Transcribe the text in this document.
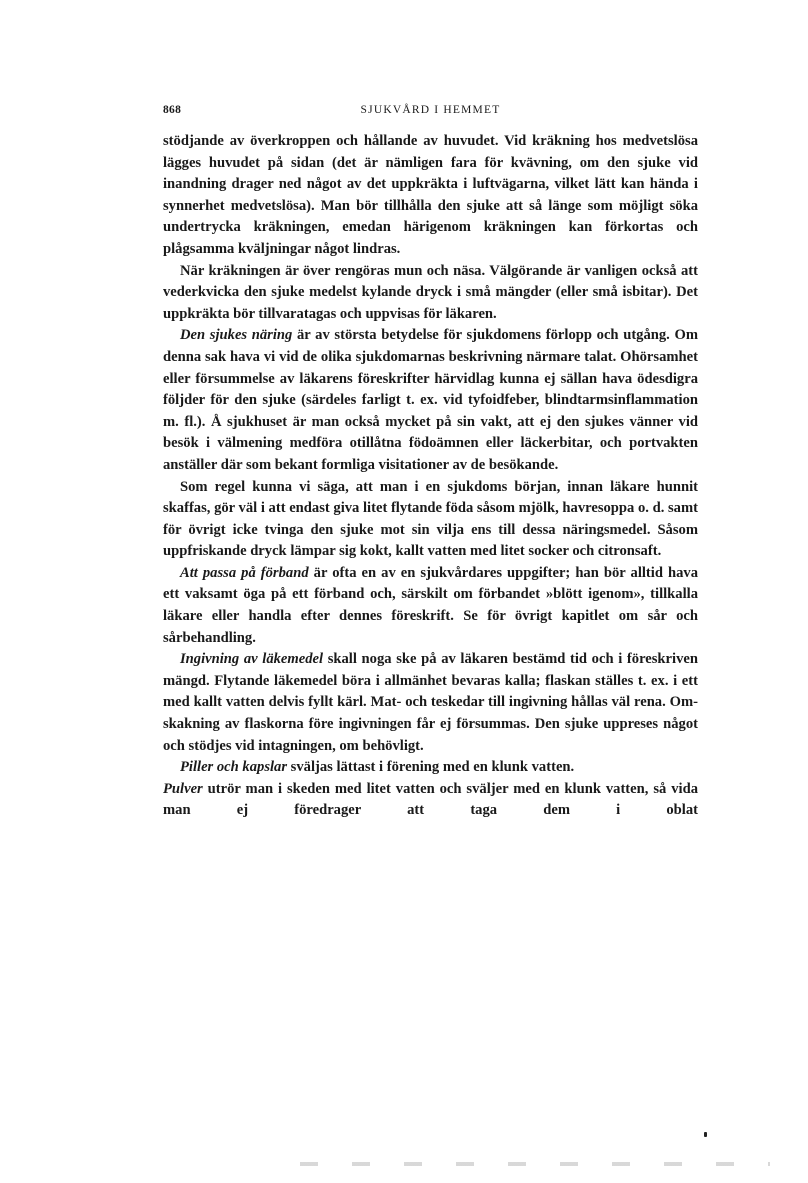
868	SJUKVÅRD I HEMMET

stödjande av överkroppen och hållande av huvudet. Vid kräkning hos medvetslösa lägges huvudet på sidan (det är nämligen fara för kvävning, om den sjuke vid inandning drager ned något av det uppkräkta i luftvägarna, vilket lätt kan hända i synnerhet medvetslösa). Man bör tillhålla den sjuke att så länge som möjligt söka undertrycka kräkningen, emedan härigenom kräkningen kan förkortas och plågsamma kväljningar något lindras.

När kräkningen är över rengöras mun och näsa. Välgörande är vanligen också att vederkvicka den sjuke medelst kylande dryck i små mängder (eller små isbitar). Det uppkräkta bör tillvaratagas och uppvisas för läkaren.

Den sjukes näring är av största betydelse för sjukdomens förlopp och utgång. Om denna sak hava vi vid de olika sjukdomarnas beskrivning närmare talat. Ohörsamhet eller försummelse av läkarens föreskrifter härvidlag kunna ej sällan hava ödesdigra följder för den sjuke (särdeles farligt t. ex. vid tyfoidfeber, blindtarmsinflammation m. fl.). Å sjukhuset är man också mycket på sin vakt, att ej den sjukes vänner vid besök i välmening medföra otillåtna födoämnen eller läckerbitar, och portvakten anställer där som bekant formliga visitationer av de besökande.

Som regel kunna vi säga, att man i en sjukdoms början, innan läkare hunnit skaffas, gör väl i att endast giva litet flytande föda såsom mjölk, havresoppa o. d. samt för övrigt icke tvinga den sjuke mot sin vilja ens till dessa näringsmedel. Såsom uppfriskande dryck lämpar sig kokt, kallt vatten med litet socker och citronsaft.

Att passa på förband är ofta en av en sjukvårdares uppgifter; han bör alltid hava ett vaksamt öga på ett förband och, särskilt om förbandet »blött igenom», tillkalla läkare eller handla efter dennes föreskrift. Se för övrigt kapitlet om sår och sårbehandling.

Ingivning av läkemedel skall noga ske på av läkaren bestämd tid och i föreskriven mängd. Flytande läkemedel böra i allmänhet bevaras kalla; flaskan ställes t. ex. i ett med kallt vatten delvis fyllt kärl. Mat- och teskedar till ingivning hållas väl rena. Omskakning av flaskorna före ingivningen får ej försummas. Den sjuke uppreses något och stödjes vid intagningen, om behövligt.

Piller och kapslar sväljas lättast i förening med en klunk vatten.

Pulver utrör man i skeden med litet vatten och sväljer med en klunk vatten, så vida man ej föredrager att taga dem i oblat
